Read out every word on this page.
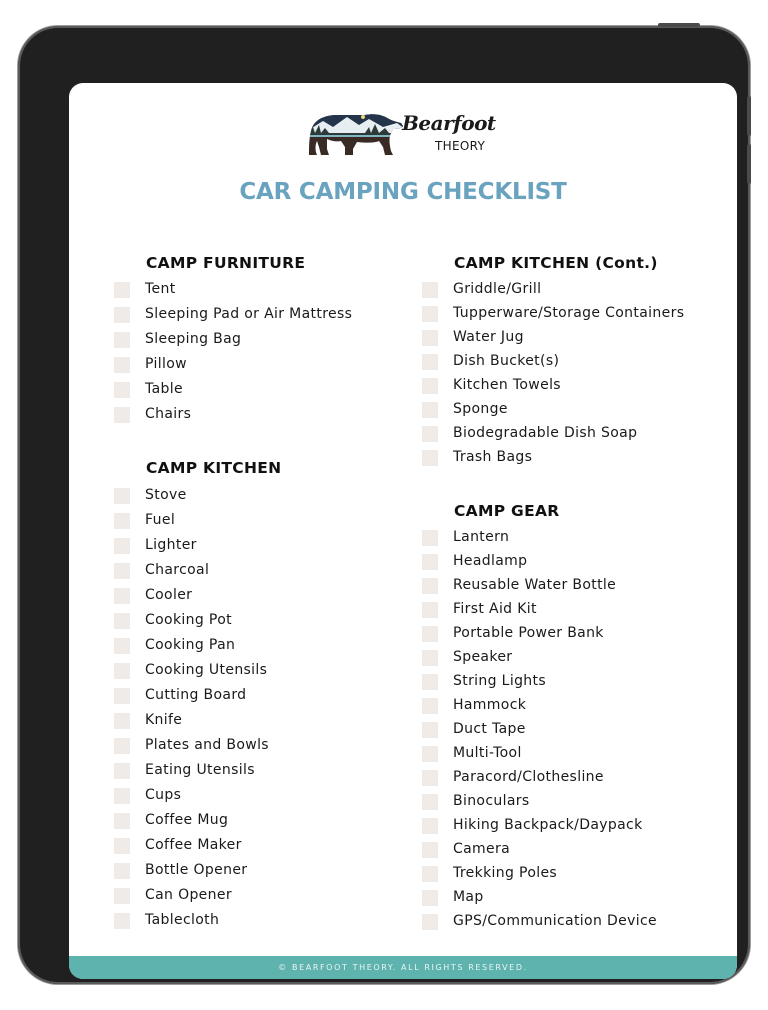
Bearfoot
THEORY
CAR CAMPING CHECKLIST
CAMP FURNITURE
Tent
Sleeping Pad or Air Mattress
Sleeping Bag
Pillow
Table
Chairs
CAMP KITCHEN
Stove
Fuel
Lighter
Charcoal
Cooler
Cooking Pot
Cooking Pan
Cooking Utensils
Cutting Board
Knife
Plates and Bowls
Eating Utensils
Cups
Coffee Mug
Coffee Maker
Bottle Opener
Can Opener
Tablecloth
CAMP KITCHEN (Cont.)
Griddle/Grill
Tupperware/Storage Containers
Water Jug
Dish Bucket(s)
Kitchen Towels
Sponge
Biodegradable Dish Soap
Trash Bags
CAMP GEAR
Lantern
Headlamp
Reusable Water Bottle
First Aid Kit
Portable Power Bank
Speaker
String Lights
Hammock
Duct Tape
Multi-Tool
Paracord/Clothesline
Binoculars
Hiking Backpack/Daypack
Camera
Trekking Poles
Map
GPS/Communication Device
© BEARFOOT THEORY. ALL RIGHTS RESERVED.
